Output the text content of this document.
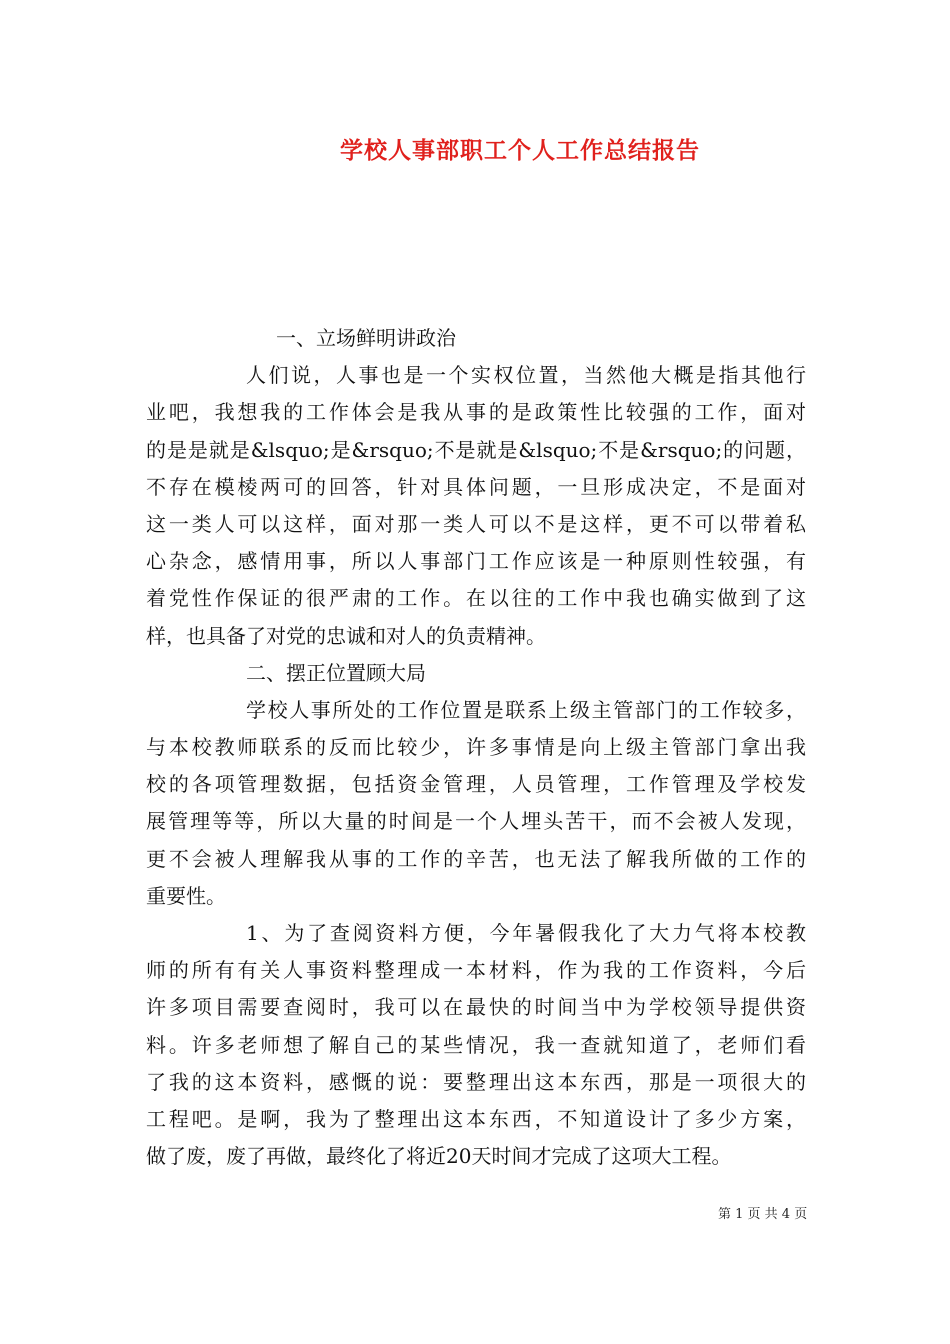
学校人事部职工个人工作总结报告
一、立场鲜明讲政治
人们说，人事也是一个实权位置，当然他大概是指其他行
业吧，我想我的工作体会是我从事的是政策性比较强的工作，面对
的是是就是&lsquo;是&rsquo;不是就是&lsquo;不是&rsquo;的问题，
不存在模棱两可的回答，针对具体问题，一旦形成决定，不是面对
这一类人可以这样，面对那一类人可以不是这样，更不可以带着私
心杂念，感情用事，所以人事部门工作应该是一种原则性较强，有
着党性作保证的很严肃的工作。在以往的工作中我也确实做到了这
样，也具备了对党的忠诚和对人的负责精神。
二、摆正位置顾大局
学校人事所处的工作位置是联系上级主管部门的工作较多，
与本校教师联系的反而比较少，许多事情是向上级主管部门拿出我
校的各项管理数据，包括资金管理，人员管理，工作管理及学校发
展管理等等，所以大量的时间是一个人埋头苦干，而不会被人发现，
更不会被人理解我从事的工作的辛苦，也无法了解我所做的工作的
重要性。
1、为了查阅资料方便，今年暑假我化了大力气将本校教
师的所有有关人事资料整理成一本材料，作为我的工作资料，今后
许多项目需要查阅时，我可以在最快的时间当中为学校领导提供资
料。许多老师想了解自己的某些情况，我一查就知道了，老师们看
了我的这本资料，感慨的说：要整理出这本东西，那是一项很大的
工程吧。是啊，我为了整理出这本东西，不知道设计了多少方案，
做了废，废了再做，最终化了将近20天时间才完成了这项大工程。
第 1 页 共 4 页
